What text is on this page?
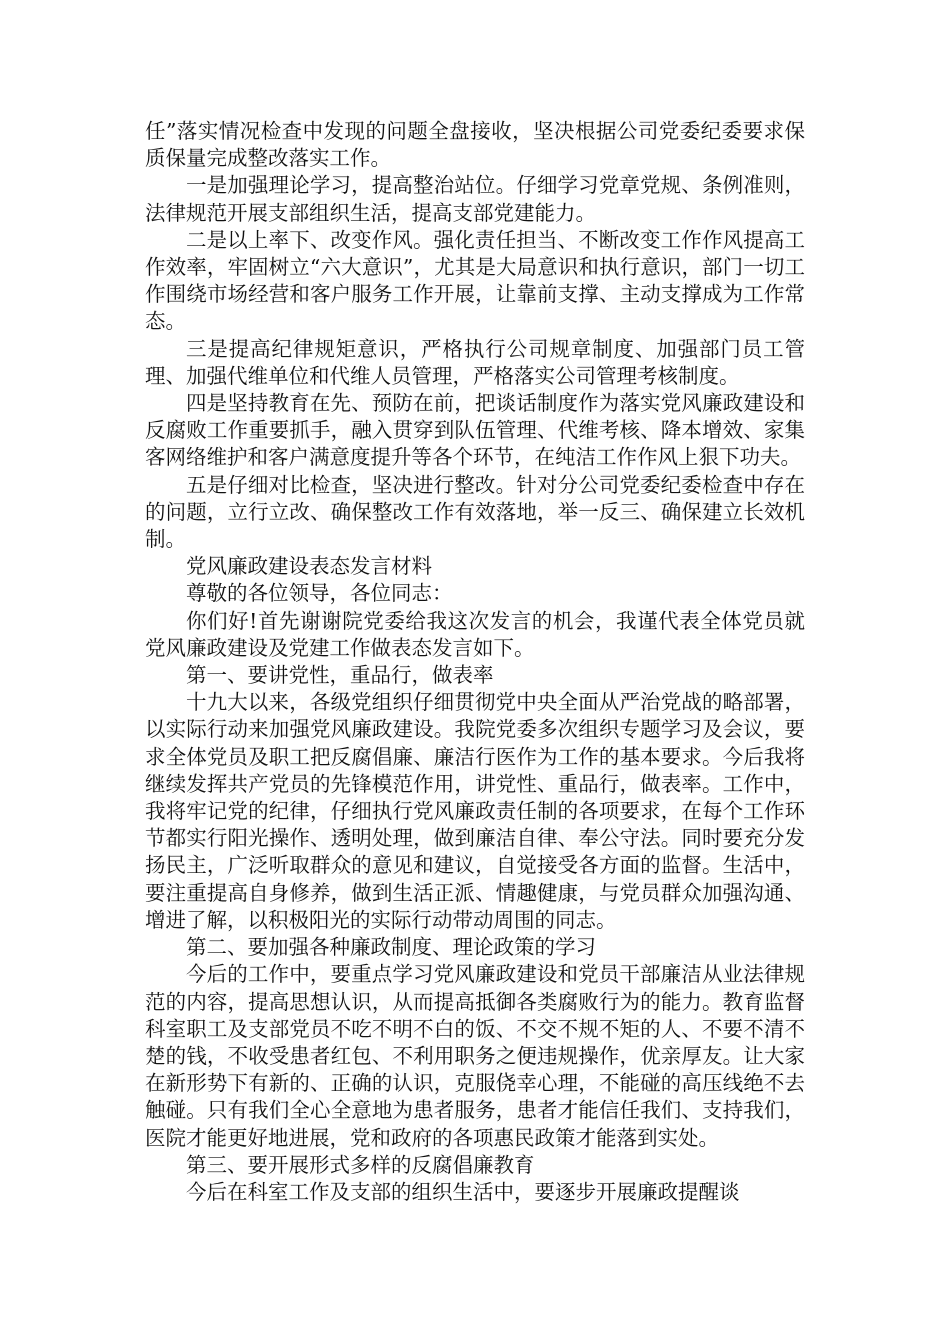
任”落实情况检查中发现的问题全盘接收，坚决根据公司党委纪委要求保质保量完成整改落实工作。

一是加强理论学习，提高整治站位。仔细学习党章党规、条例准则，法律规范开展支部组织生活，提高支部党建能力。

二是以上率下、改变作风。强化责任担当、不断改变工作作风提高工作效率，牢固树立“六大意识”，尤其是大局意识和执行意识，部门一切工作围绕市场经营和客户服务工作开展，让靠前支撑、主动支撑成为工作常态。

三是提高纪律规矩意识，严格执行公司规章制度、加强部门员工管理、加强代维单位和代维人员管理，严格落实公司管理考核制度。

四是坚持教育在先、预防在前，把谈话制度作为落实党风廉政建设和反腐败工作重要抓手，融入贯穿到队伍管理、代维考核、降本增效、家集客网络维护和客户满意度提升等各个环节，在纯洁工作作风上狠下功夫。

五是仔细对比检查，坚决进行整改。针对分公司党委纪委检查中存在的问题，立行立改、确保整改工作有效落地，举一反三、确保建立长效机制。

党风廉政建设表态发言材料

尊敬的各位领导，各位同志：

你们好!首先谢谢院党委给我这次发言的机会，我谨代表全体党员就党风廉政建设及党建工作做表态发言如下。

第一、要讲党性，重品行，做表率

十九大以来，各级党组织仔细贯彻党中央全面从严治党战的略部署，以实际行动来加强党风廉政建设。我院党委多次组织专题学习及会议，要求全体党员及职工把反腐倡廉、廉洁行医作为工作的基本要求。今后我将继续发挥共产党员的先锋模范作用，讲党性、重品行，做表率。工作中，我将牢记党的纪律，仔细执行党风廉政责任制的各项要求，在每个工作环节都实行阳光操作、透明处理，做到廉洁自律、奉公守法。同时要充分发扬民主，广泛听取群众的意见和建议，自觉接受各方面的监督。生活中，要注重提高自身修养，做到生活正派、情趣健康，与党员群众加强沟通、增进了解，以积极阳光的实际行动带动周围的同志。

第二、要加强各种廉政制度、理论政策的学习

今后的工作中，要重点学习党风廉政建设和党员干部廉洁从业法律规范的内容，提高思想认识，从而提高抵御各类腐败行为的能力。教育监督科室职工及支部党员不吃不明不白的饭、不交不规不矩的人、不要不清不楚的钱，不收受患者红包、不利用职务之便违规操作，优亲厚友。让大家在新形势下有新的、正确的认识，克服侥幸心理，不能碰的高压线绝不去触碰。只有我们全心全意地为患者服务，患者才能信任我们、支持我们，医院才能更好地进展，党和政府的各项惠民政策才能落到实处。

第三、要开展形式多样的反腐倡廉教育

今后在科室工作及支部的组织生活中，要逐步开展廉政提醒谈
